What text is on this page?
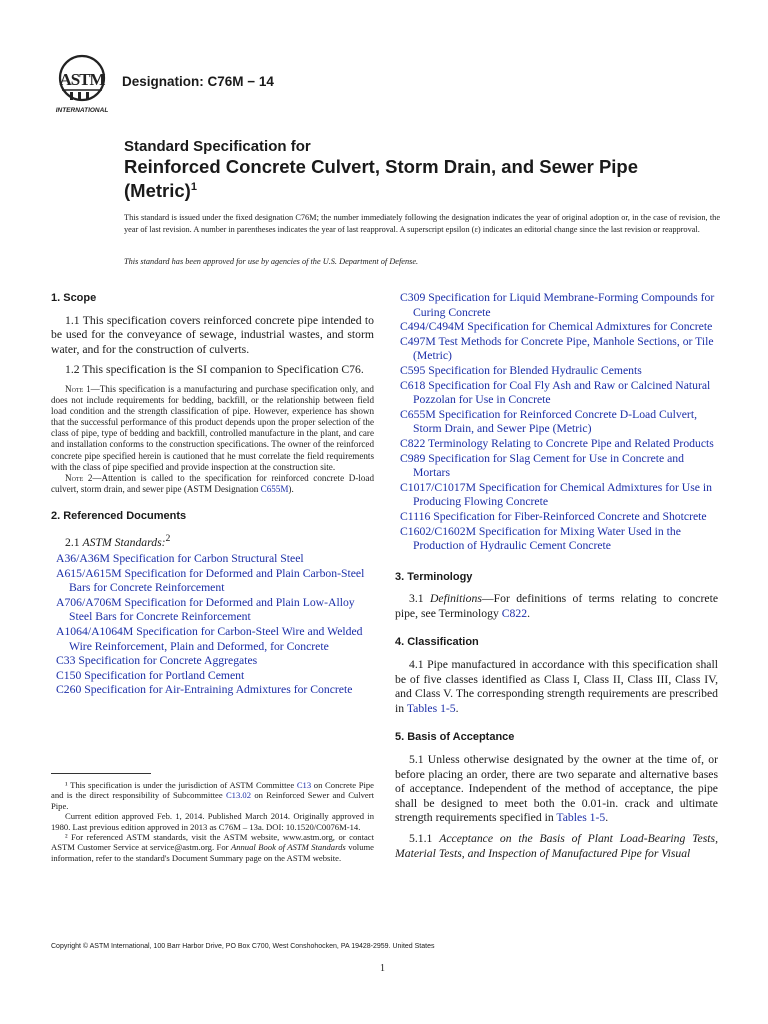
ASTM
INTERNATIONAL
Designation: C76M − 14
Standard Specification for
Reinforced Concrete Culvert, Storm Drain, and Sewer Pipe
(Metric)$^1$
This standard is issued under the fixed designation C76M; the number immediately following the designation indicates the year of original adoption or, in the case of revision, the year of last revision. A number in parentheses indicates the year of last reapproval. A superscript epsilon (ε) indicates an editorial change since the last revision or reapproval.
This standard has been approved for use by agencies of the U.S. Department of Defense.
1. Scope

1.1 This specification covers reinforced concrete pipe intended to be used for the conveyance of sewage, industrial wastes, and storm water, and for the construction of culverts.

1.2 This specification is the SI companion to Specification C76.

Note 1—This specification is a manufacturing and purchase specification only, and does not include requirements for bedding, backfill, or the relationship between field load condition and the strength classification of pipe. However, experience has shown that the successful performance of this product depends upon the proper selection of the class of pipe, type of bedding and backfill, controlled manufacture in the plant, and care and installation conforms to the construction specifications. The owner of the reinforced concrete pipe specified herein is cautioned that he must correlate the field requirements with the class of pipe specified and provide inspection at the construction site.

Note 2—Attention is called to the specification for reinforced concrete D-load culvert, storm drain, and sewer pipe (ASTM Designation C655M).

2. Referenced Documents

2.1 ASTM Standards:$^2$

A36/A36M Specification for Carbon Structural Steel

A615/A615M Specification for Deformed and Plain Carbon-Steel Bars for Concrete Reinforcement

A706/A706M Specification for Deformed and Plain Low-Alloy Steel Bars for Concrete Reinforcement

A1064/A1064M Specification for Carbon-Steel Wire and Welded Wire Reinforcement, Plain and Deformed, for Concrete

C33 Specification for Concrete Aggregates

C150 Specification for Portland Cement

C260 Specification for Air-Entraining Admixtures for Concrete

C309 Specification for Liquid Membrane-Forming Compounds for Curing Concrete

C494/C494M Specification for Chemical Admixtures for Concrete

C497M Test Methods for Concrete Pipe, Manhole Sections, or Tile (Metric)

C595 Specification for Blended Hydraulic Cements

C618 Specification for Coal Fly Ash and Raw or Calcined Natural Pozzolan for Use in Concrete

C655M Specification for Reinforced Concrete D-Load Culvert, Storm Drain, and Sewer Pipe (Metric)

C822 Terminology Relating to Concrete Pipe and Related Products

C989 Specification for Slag Cement for Use in Concrete and Mortars

C1017/C1017M Specification for Chemical Admixtures for Use in Producing Flowing Concrete

C1116 Specification for Fiber-Reinforced Concrete and Shotcrete

C1602/C1602M Specification for Mixing Water Used in the Production of Hydraulic Cement Concrete

3. Terminology

3.1 Definitions—For definitions of terms relating to concrete pipe, see Terminology C822.

4. Classification

4.1 Pipe manufactured in accordance with this specification shall be of five classes identified as Class I, Class II, Class III, Class IV, and Class V. The corresponding strength requirements are prescribed in Tables 1-5.

5. Basis of Acceptance

5.1 Unless otherwise designated by the owner at the time of, or before placing an order, there are two separate and alternative bases of acceptance. Independent of the method of acceptance, the pipe shall be designed to meet both the 0.01-in. crack and ultimate strength requirements specified in Tables 1-5.

5.1.1 Acceptance on the Basis of Plant Load-Bearing Tests, Material Tests, and Inspection of Manufactured Pipe for Visual

¹ This specification is under the jurisdiction of ASTM Committee C13 on Concrete Pipe and is the direct responsibility of Subcommittee C13.02 on Reinforced Sewer and Culvert Pipe.

Current edition approved Feb. 1, 2014. Published March 2014. Originally approved in 1980. Last previous edition approved in 2013 as C76M – 13a. DOI: 10.1520/C0076M-14.

² For referenced ASTM standards, visit the ASTM website, www.astm.org, or contact ASTM Customer Service at service@astm.org. For Annual Book of ASTM Standards volume information, refer to the standard's Document Summary page on the ASTM website.

Copyright © ASTM International, 100 Barr Harbor Drive, PO Box C700, West Conshohocken, PA 19428-2959. United States
1
